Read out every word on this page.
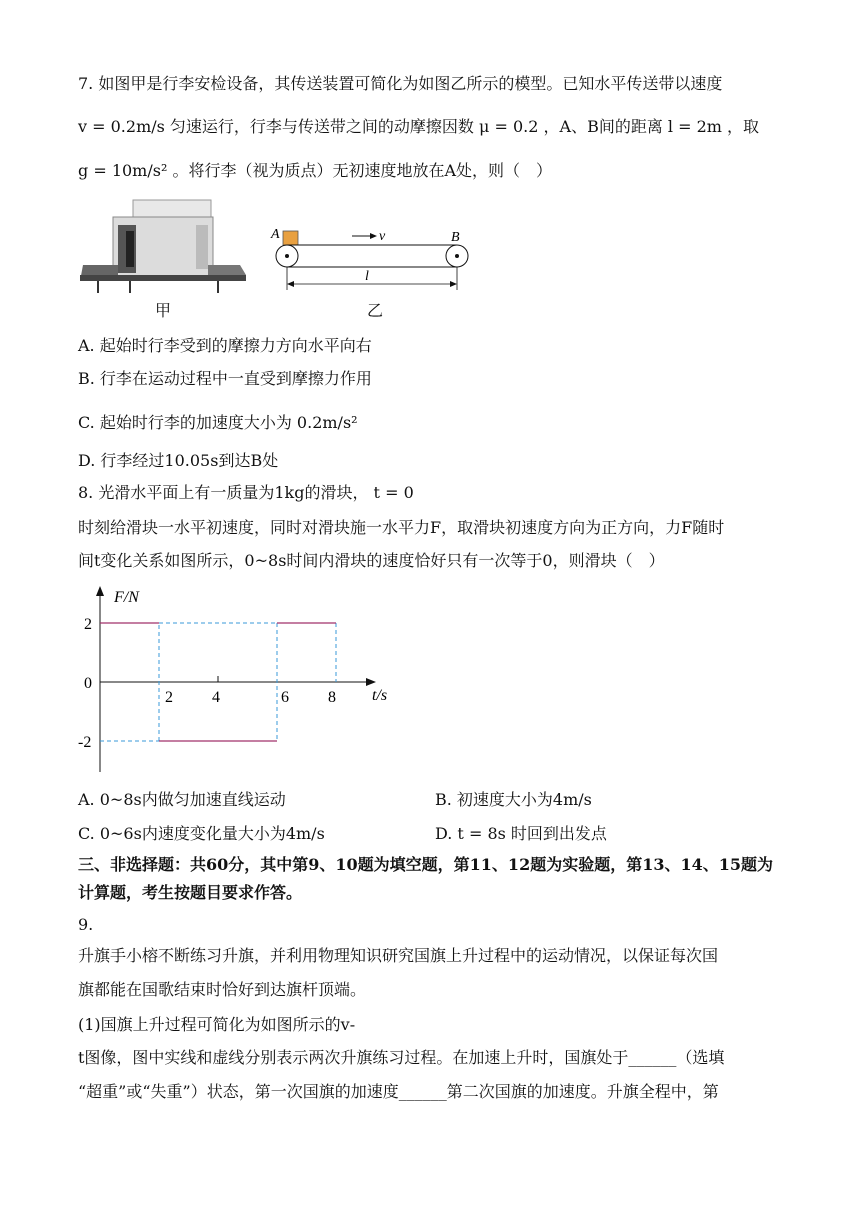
7. 如图甲是行李安检设备，其传送装置可简化为如图乙所示的模型。已知水平传送带以速度
v = 0.2m/s 匀速运行，行李与传送带之间的动摩擦因数 μ = 0.2 ，A、B间的距离 l = 2m ，取
g = 10m/s² 。将行李（视为质点）无初速度地放在A处，则（　）
甲
v
A	B
l
乙
A. 起始时行李受到的摩擦力方向水平向右
B. 行李在运动过程中一直受到摩擦力作用
C. 起始时行李的加速度大小为 0.2m/s²
D. 行李经过10.05s到达B处
8. 光滑水平面上有一质量为1kg的滑块， t = 0
时刻给滑块一水平初速度，同时对滑块施一水平力F，取滑块初速度方向为正方向，力F随时
间t变化关系如图所示，0~8s时间内滑块的速度恰好只有一次等于0，则滑块（　）
F/N
t/s
2 4	6 8
2
0
-2
A. 0~8s内做匀加速直线运动	B. 初速度大小为4m/s
C. 0~6s内速度变化量大小为4m/s	D. t = 8s 时回到出发点
三、非选择题：共60分，其中第9、10题为填空题，第11、12题为实验题，第13、14、15题为
计算题，考生按题目要求作答。
9.
升旗手小榕不断练习升旗，并利用物理知识研究国旗上升过程中的运动情况，以保证每次国
旗都能在国歌结束时恰好到达旗杆顶端。
(1)国旗上升过程可简化为如图所示的v-
t图像，图中实线和虚线分别表示两次升旗练习过程。在加速上升时，国旗处于______（选填
“超重”或“失重”）状态，第一次国旗的加速度______第二次国旗的加速度。升旗全程中，第
